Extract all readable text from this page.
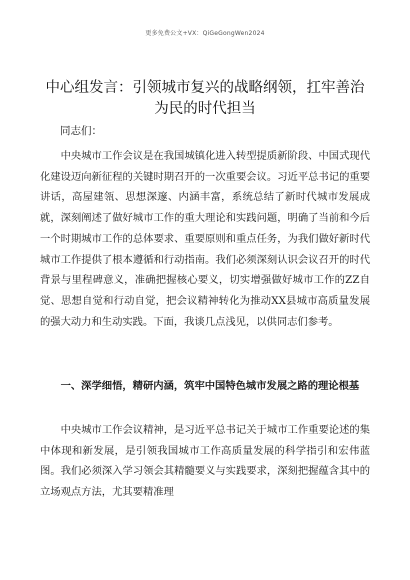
更多免费公文+VX：QiGeGongWen2024
中心组发言：引领城市复兴的战略纲领，扛牢善治为民的时代担当
同志们：

中央城市工作会议是在我国城镇化进入转型提质新阶段、中国式现代化建设迈向新征程的关键时期召开的一次重要会议。习近平总书记的重要讲话，高屋建瓴、思想深邃、内涵丰富，系统总结了新时代城市发展成就，深刻阐述了做好城市工作的重大理论和实践问题，明确了当前和今后一个时期城市工作的总体要求、重要原则和重点任务，为我们做好新时代城市工作提供了根本遵循和行动指南。我们必须深刻认识会议召开的时代背景与里程碑意义，准确把握核心要义，切实增强做好城市工作的ZZ自觉、思想自觉和行动自觉，把会议精神转化为推动XX县城市高质量发展的强大动力和生动实践。下面，我谈几点浅见，以供同志们参考。

一、深学细悟，精研内涵，筑牢中国特色城市发展之路的理论根基

中央城市工作会议精神，是习近平总书记关于城市工作重要论述的集中体现和新发展，是引领我国城市工作高质量发展的科学指引和宏伟蓝图。我们必须深入学习领会其精髓要义与实践要求，深刻把握蕴含其中的立场观点方法，尤其要精准理
